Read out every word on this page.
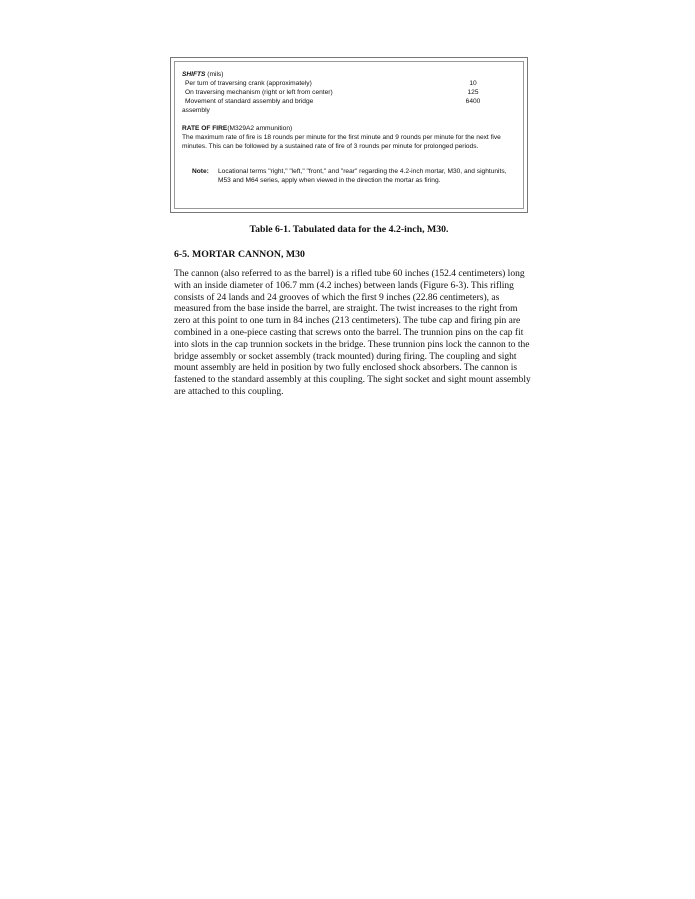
SHIFTS (mils)
Per turn of traversing crank (approximately)	10
On traversing mechanism (right or left from center)	125
Movement of standard assembly and bridge	6400
assembly
RATE OF FIRE(M329A2 ammunition)
The maximum rate of fire is 18 rounds per minute for the first minute and 9 rounds per minute for the next five minutes. This can be followed by a sustained rate of fire of 3 rounds per minute for prolonged periods.
Note:	Locational terms "right," "left," "front," and "rear" regarding the 4.2-inch mortar, M30, and sightunits, M53 and M64 series, apply when viewed in the direction the mortar as firing.
Table 6-1. Tabulated data for the 4.2-inch, M30.
6-5. MORTAR CANNON, M30

The cannon (also referred to as the barrel) is a rifled tube 60 inches (152.4 centimeters) long with an inside diameter of 106.7 mm (4.2 inches) between lands (Figure 6-3). This rifling consists of 24 lands and 24 grooves of which the first 9 inches (22.86 centimeters), as measured from the base inside the barrel, are straight. The twist increases to the right from zero at this point to one turn in 84 inches (213 centimeters). The tube cap and firing pin are combined in a one-piece casting that screws onto the barrel. The trunnion pins on the cap fit into slots in the cap trunnion sockets in the bridge. These trunnion pins lock the cannon to the bridge assembly or socket assembly (track mounted) during firing. The coupling and sight mount assembly are held in position by two fully enclosed shock absorbers. The cannon is fastened to the standard assembly at this coupling. The sight socket and sight mount assembly are attached to this coupling.
